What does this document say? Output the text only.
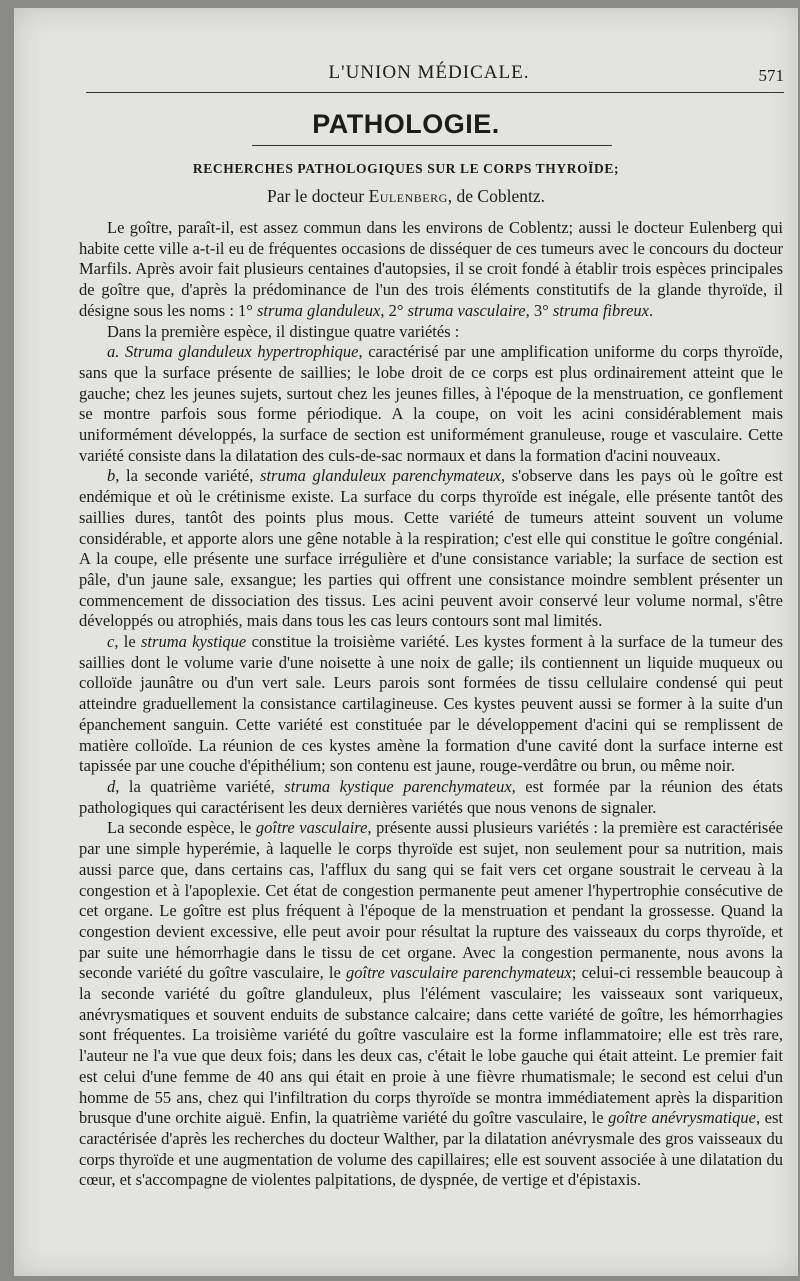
L'UNION MÉDICALE.	571
PATHOLOGIE.
RECHERCHES PATHOLOGIQUES SUR LE CORPS THYROÏDE;
Par le docteur Eulenberg, de Coblentz.

Le goître, paraît-il, est assez commun dans les environs de Coblentz; aussi le docteur Eulenberg qui habite cette ville a-t-il eu de fréquentes occasions de disséquer de ces tumeurs avec le concours du docteur Marfils. Après avoir fait plusieurs centaines d'autopsies, il se croit fondé à établir trois espèces principales de goître que, d'après la prédominance de l'un des trois éléments constitutifs de la glande thyroïde, il désigne sous les noms : 1° struma glanduleux, 2° struma vasculaire, 3° struma fibreux.

Dans la première espèce, il distingue quatre variétés :

a. Struma glanduleux hypertrophique, caractérisé par une amplification uniforme du corps thyroïde, sans que la surface présente de saillies; le lobe droit de ce corps est plus ordinairement atteint que le gauche; chez les jeunes sujets, surtout chez les jeunes filles, à l'époque de la menstruation, ce gonflement se montre parfois sous forme périodique. A la coupe, on voit les acini considérablement mais uniformément développés, la surface de section est uniformément granuleuse, rouge et vasculaire. Cette variété consiste dans la dilatation des culs-de-sac normaux et dans la formation d'acini nouveaux.

b, la seconde variété, struma glanduleux parenchymateux, s'observe dans les pays où le goître est endémique et où le crétinisme existe. La surface du corps thyroïde est inégale, elle présente tantôt des saillies dures, tantôt des points plus mous. Cette variété de tumeurs atteint souvent un volume considérable, et apporte alors une gêne notable à la respiration; c'est elle qui constitue le goître congénial. A la coupe, elle présente une surface irrégulière et d'une consistance variable; la surface de section est pâle, d'un jaune sale, exsangue; les parties qui offrent une consistance moindre semblent présenter un commencement de dissociation des tissus. Les acini peuvent avoir conservé leur volume normal, s'être développés ou atrophiés, mais dans tous les cas leurs contours sont mal limités.

c, le struma kystique constitue la troisième variété. Les kystes forment à la surface de la tumeur des saillies dont le volume varie d'une noisette à une noix de galle; ils contiennent un liquide muqueux ou colloïde jaunâtre ou d'un vert sale. Leurs parois sont formées de tissu cellulaire condensé qui peut atteindre graduellement la consistance cartilagineuse. Ces kystes peuvent aussi se former à la suite d'un épanchement sanguin. Cette variété est constituée par le développement d'acini qui se remplissent de matière colloïde. La réunion de ces kystes amène la formation d'une cavité dont la surface interne est tapissée par une couche d'épithélium; son contenu est jaune, rouge-verdâtre ou brun, ou même noir.

d, la quatrième variété, struma kystique parenchymateux, est formée par la réunion des états pathologiques qui caractérisent les deux dernières variétés que nous venons de signaler.

La seconde espèce, le goître vasculaire, présente aussi plusieurs variétés : la première est caractérisée par une simple hyperémie, à laquelle le corps thyroïde est sujet, non seulement pour sa nutrition, mais aussi parce que, dans certains cas, l'afflux du sang qui se fait vers cet organe soustrait le cerveau à la congestion et à l'apoplexie. Cet état de congestion permanente peut amener l'hypertrophie consécutive de cet organe. Le goître est plus fréquent à l'époque de la menstruation et pendant la grossesse. Quand la congestion devient excessive, elle peut avoir pour résultat la rupture des vaisseaux du corps thyroïde, et par suite une hémorrhagie dans le tissu de cet organe. Avec la congestion permanente, nous avons la seconde variété du goître vasculaire, le goître vasculaire parenchymateux; celui-ci ressemble beaucoup à la seconde variété du goître glanduleux, plus l'élément vasculaire; les vaisseaux sont variqueux, anévrysmatiques et souvent enduits de substance calcaire; dans cette variété de goître, les hémorrhagies sont fréquentes. La troisième variété du goître vasculaire est la forme inflammatoire; elle est très rare, l'auteur ne l'a vue que deux fois; dans les deux cas, c'était le lobe gauche qui était atteint. Le premier fait est celui d'une femme de 40 ans qui était en proie à une fièvre rhumatismale; le second est celui d'un homme de 55 ans, chez qui l'infiltration du corps thyroïde se montra immédiatement après la disparition brusque d'une orchite aiguë. Enfin, la quatrième variété du goître vasculaire, le goître anévrysmatique, est caractérisée d'après les recherches du docteur Walther, par la dilatation anévrysmale des gros vaisseaux du corps thyroïde et une augmentation de volume des capillaires; elle est souvent associée à une dilatation du cœur, et s'accompagne de violentes palpitations, de dyspnée, de vertige et d'épistaxis.
